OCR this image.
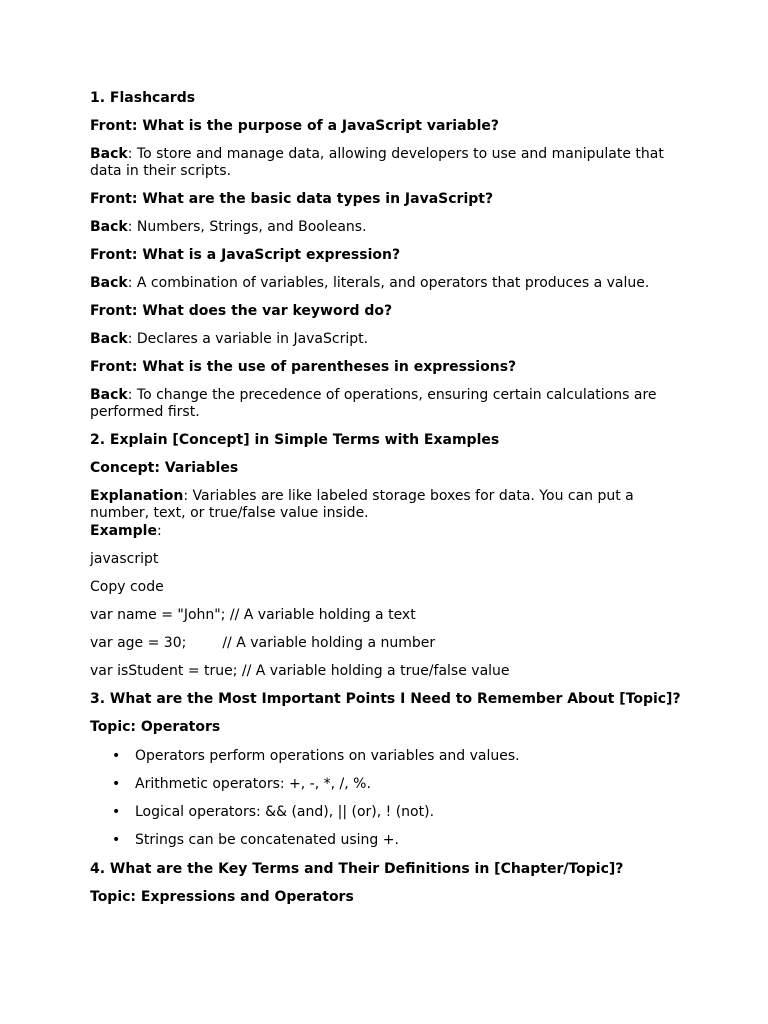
1. Flashcards

Front: What is the purpose of a JavaScript variable?

Back: To store and manage data, allowing developers to use and manipulate that data in their scripts.

Front: What are the basic data types in JavaScript?

Back: Numbers, Strings, and Booleans.

Front: What is a JavaScript expression?

Back: A combination of variables, literals, and operators that produces a value.

Front: What does the var keyword do?

Back: Declares a variable in JavaScript.

Front: What is the use of parentheses in expressions?

Back: To change the precedence of operations, ensuring certain calculations are performed first.

2. Explain [Concept] in Simple Terms with Examples

Concept: Variables

Explanation: Variables are like labeled storage boxes for data. You can put a number, text, or true/false value inside.

Example:

javascript

Copy code

var name = "John"; // A variable holding a text

var age = 30;	// A variable holding a number

var isStudent = true; // A variable holding a true/false value

3. What are the Most Important Points I Need to Remember About [Topic]?

Topic: Operators

• Operators perform operations on variables and values.
• Arithmetic operators: +, -, *, /, %.
• Logical operators: && (and), || (or), ! (not).
• Strings can be concatenated using +.

4. What are the Key Terms and Their Definitions in [Chapter/Topic]?

Topic: Expressions and Operators
